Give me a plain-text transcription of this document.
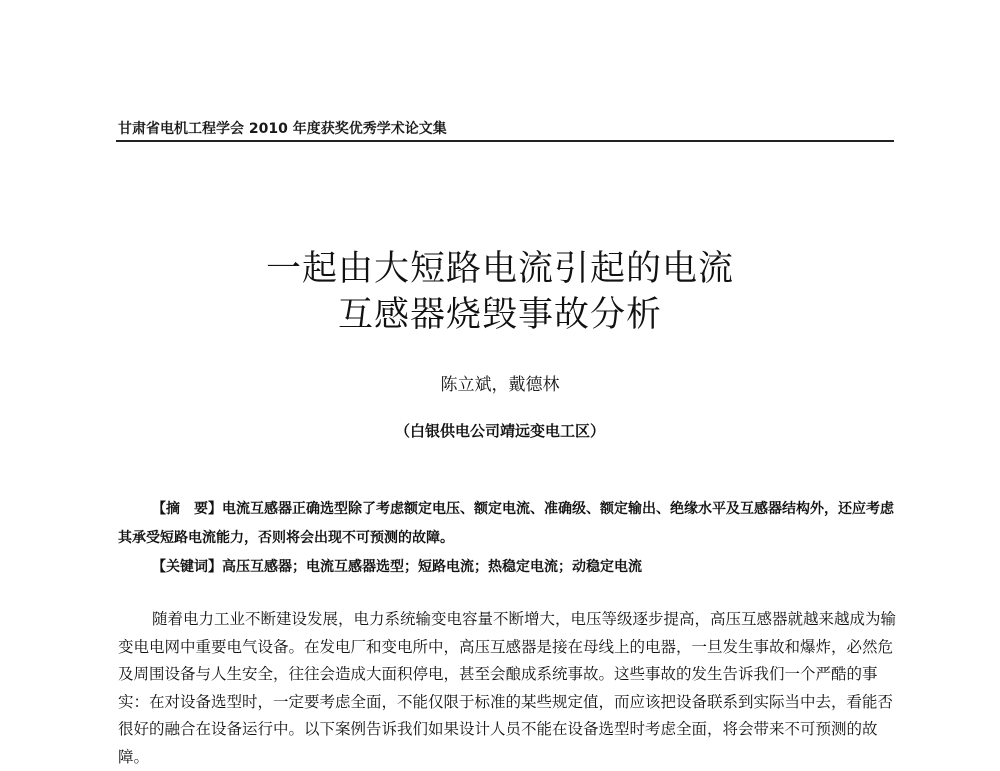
甘肃省电机工程学会 2010 年度获奖优秀学术论文集
一起由大短路电流引起的电流
互感器烧毁事故分析
陈立斌，戴德林
（白银供电公司靖远变电工区）

【摘　要】电流互感器正确选型除了考虑额定电压、额定电流、准确级、额定输出、绝缘水平及互感器结构外，还应考虑其承受短路电流能力，否则将会出现不可预测的故障。

【关键词】高压互感器；电流互感器选型；短路电流；热稳定电流；动稳定电流

随着电力工业不断建设发展，电力系统输变电容量不断增大，电压等级逐步提高，高压互感器就越来越成为输变电电网中重要电气设备。在发电厂和变电所中，高压互感器是接在母线上的电器，一旦发生事故和爆炸，必然危及周围设备与人生安全，往往会造成大面积停电，甚至会酿成系统事故。这些事故的发生告诉我们一个严酷的事实：在对设备选型时，一定要考虑全面，不能仅限于标准的某些规定值，而应该把设备联系到实际当中去，看能否很好的融合在设备运行中。以下案例告诉我们如果设计人员不能在设备选型时考虑全面，将会带来不可预测的故障。
